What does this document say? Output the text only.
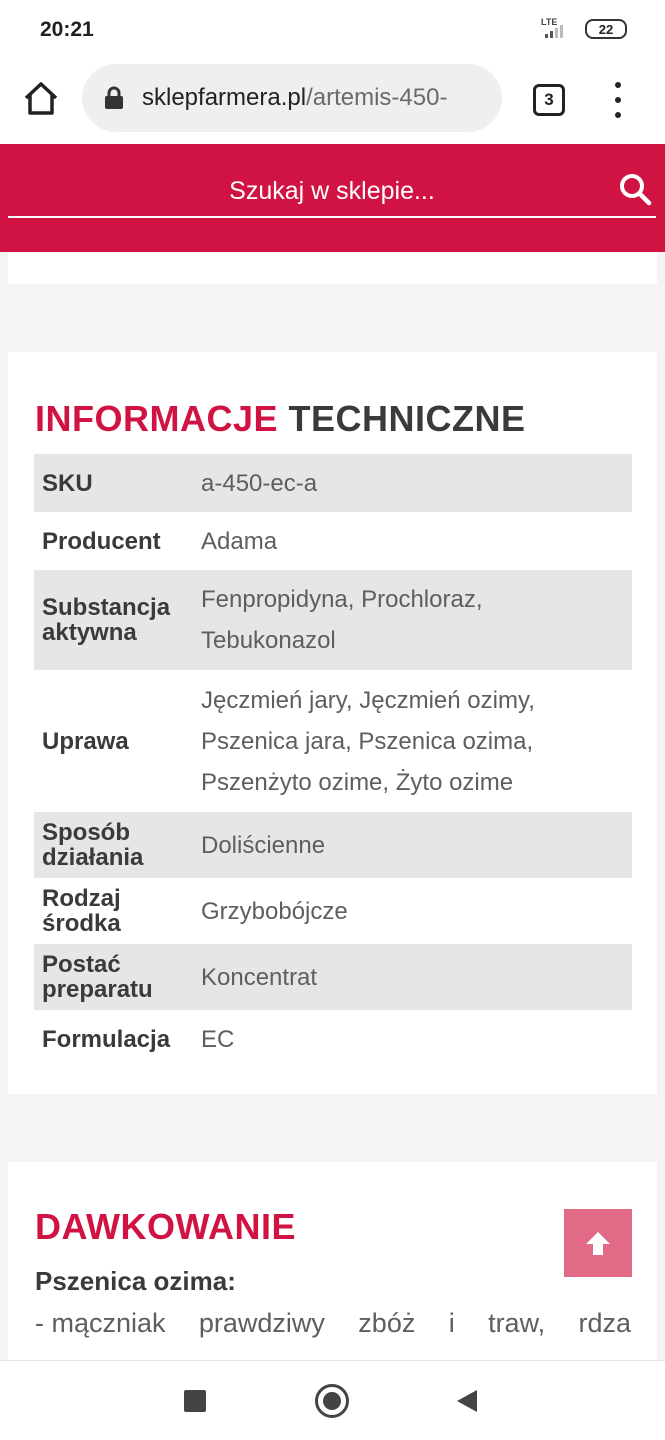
20:21	LTE	22
sklepfarmera.pl/artemis-450-	3
Szukaj w sklepie...
INFORMACJE TECHNICZNE
SKU	a-450-ec-a
Producent	Adama
Substancja aktywna	Fenpropidyna, Prochloraz, Tebukonazol
Uprawa	Jęczmień jary, Jęczmień ozimy, Pszenica jara, Pszenica ozima, Pszenżyto ozime, Żyto ozime
Sposób działania	Doliścienne
Rodzaj środka	Grzybobójcze
Postać preparatu	Koncentrat
Formulacja	EC
DAWKOWANIE
Pszenica ozima:
- mączniak prawdziwy zbóż i traw, rdza
